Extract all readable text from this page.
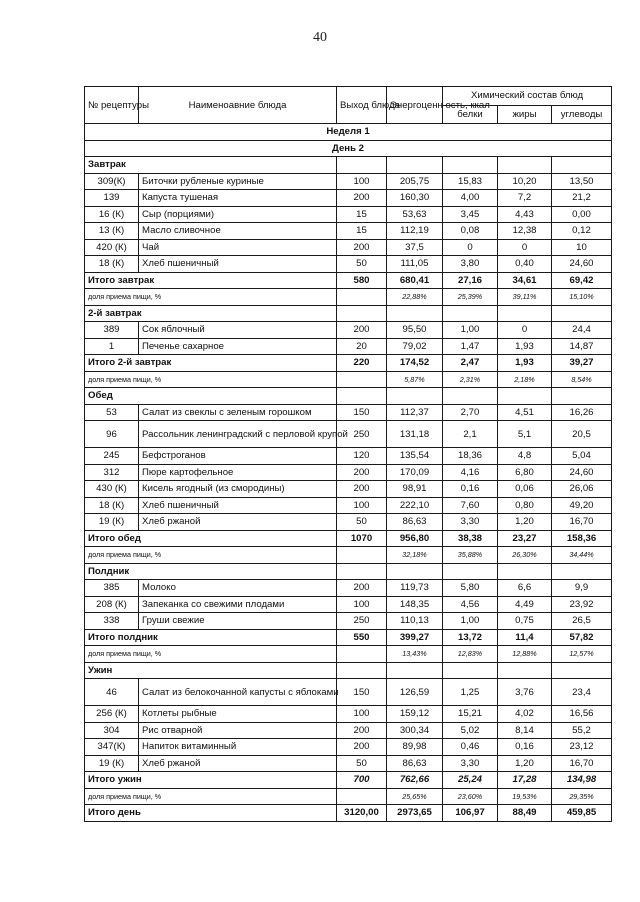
40
№ рецептуры	Наименоавние блюда	Выход блюда	Энергоценн ость, ккал	Химический состав блюд		
				белки	жиры	углеводы
Неделя 1						
День 2						
Завтрак						
309(К)	Биточки рубленые куриные	100	205,75	15,83	10,20	13,50
139	Капуста тушеная	200	160,30	4,00	7,2	21,2
16 (К)	Сыр (порциями)	15	53,63	3,45	4,43	0,00
13 (К)	Масло сливочное	15	112,19	0,08	12,38	0,12
420 (К)	Чай	200	37,5	0	0	10
18 (К)	Хлеб пшеничный	50	111,05	3,80	0,40	24,60
Итого завтрак		580	680,41	27,16	34,61	69,42
доля приема пищи, %			22,88%	25,39%	39,11%	15,10%
2-й завтрак						
389	Сок яблочный	200	95,50	1,00	0	24,4
1	Печенье сахарное	20	79,02	1,47	1,93	14,87
Итого 2-й завтрак		220	174,52	2,47	1,93	39,27
доля приема пищи, %			5,87%	2,31%	2,18%	8,54%
Обед						
53	Салат из свеклы с зеленым горошком	150	112,37	2,70	4,51	16,26
96	Рассольник ленинградский с перловой крупой	250	131,18	2,1	5,1	20,5
245	Бефстроганов	120	135,54	18,36	4,8	5,04
312	Пюре картофельное	200	170,09	4,16	6,80	24,60
430 (К)	Кисель ягодный (из смородины)	200	98,91	0,16	0,06	26,06
18 (К)	Хлеб пшеничный	100	222,10	7,60	0,80	49,20
19 (К)	Хлеб ржаной	50	86,63	3,30	1,20	16,70
Итого обед		1070	956,80	38,38	23,27	158,36
доля приема пищи, %			32,18%	35,88%	26,30%	34,44%
Полдник						
385	Молоко	200	119,73	5,80	6,6	9,9
208 (К)	Запеканка со свежими плодами	100	148,35	4,56	4,49	23,92
338	Груши свежие	250	110,13	1,00	0,75	26,5
Итого полдник		550	399,27	13,72	11,4	57,82
доля приема пищи, %			13,43%	12,83%	12,88%	12,57%
Ужин						
46	Салат из белокочанной капусты с яблоками	150	126,59	1,25	3,76	23,4
256 (К)	Котлеты рыбные	100	159,12	15,21	4,02	16,56
304	Рис отварной	200	300,34	5,02	8,14	55,2
347(К)	Напиток витаминный	200	89,98	0,46	0,16	23,12
19 (К)	Хлеб ржаной	50	86,63	3,30	1,20	16,70
Итого ужин		700	762,66	25,24	17,28	134,98
доля приема пищи, %			25,65%	23,60%	19,53%	29,35%
Итого день		3120,00	2973,65	106,97	88,49	459,85
